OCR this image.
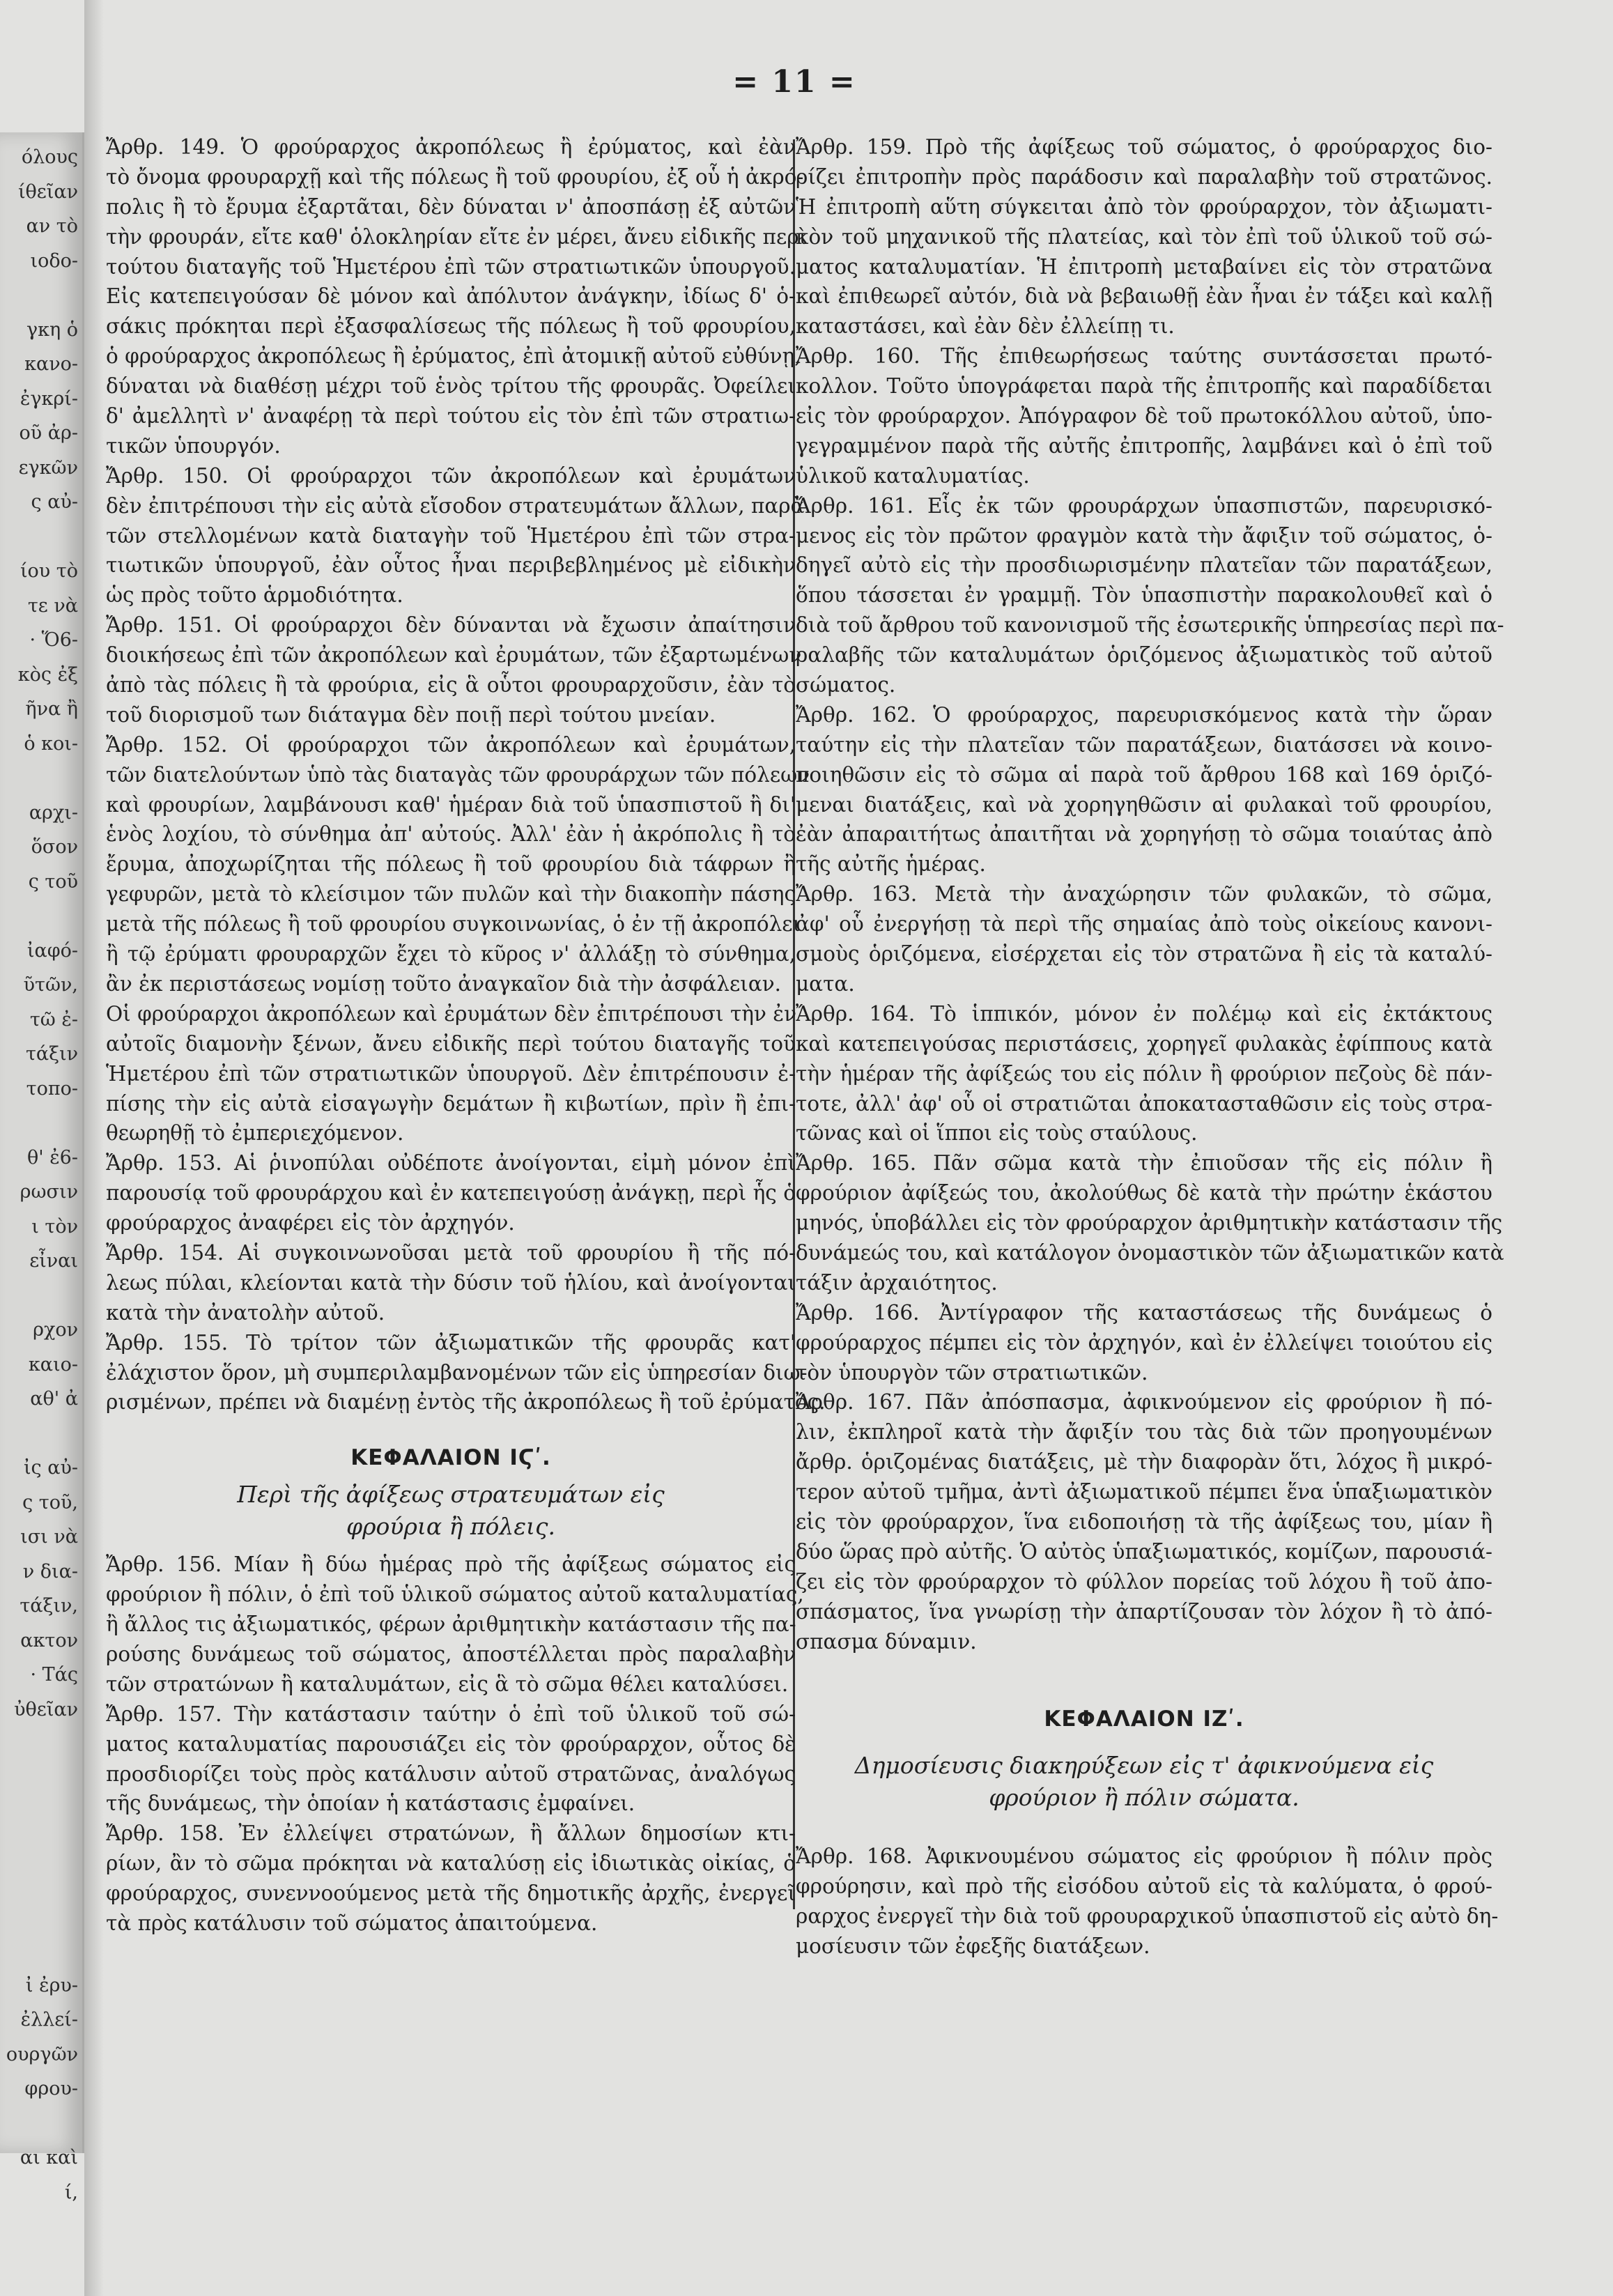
όλους
ίθεῖαν
αν τὸ
ιοδο-
γκη ὁ
κανο-
ἐγκρί-
οῦ ἀρ-
εγκῶν
ς αὐ-
ίου τὸ
τε νὰ
· Ὅ6-
κὸς ἐξ
ῆνα ἢ
ὁ κοι-
αρχι-
ὅσον
ς τοῦ
ἰαφό-
ῦτῶν,
τῶ ἐ-
τάξιν
τοπο-
θ' ἐ6-
ρωσιν
ι τὸν
εἶναι
ρχον
καιο-
αθ' ἀ
ἰς αὐ-
ς τοῦ,
ισι νὰ
ν δια-
τάξιν,
ακτον
· Τάς
ὐθεῖαν
ἰ ἐρυ-
ἐλλεί-
ουργῶν
φρου-
αι καὶ
ί,
= 11 =
Ἄρθρ. 149. Ὁ φρούραρχος ἀκροπόλεως ἢ ἐρύματος, καὶ ἐὰν
τὸ ὄνομα φρουραρχῇ καὶ τῆς πόλεως ἢ τοῦ φρουρίου, ἐξ οὗ ἡ ἀκρό-
πολις ἢ τὸ ἔρυμα ἐξαρτᾶται, δὲν δύναται ν' ἀποσπάσῃ ἐξ αὐτῶν
τὴν φρουράν, εἴτε καθ' ὁλοκληρίαν εἴτε ἐν μέρει, ἄνευ εἰδικῆς περὶ
τούτου διαταγῆς τοῦ Ἡμετέρου ἐπὶ τῶν στρατιωτικῶν ὑπουργοῦ.
Εἰς κατεπειγούσαν δὲ μόνον καὶ ἀπόλυτον ἀνάγκην, ἰδίως δ' ὁ-
σάκις πρόκηται περὶ ἐξασφαλίσεως τῆς πόλεως ἢ τοῦ φρουρίου,
ὁ φρούραρχος ἀκροπόλεως ἢ ἐρύματος, ἐπὶ ἀτομικῇ αὐτοῦ εὐθύνῃ,
δύναται νὰ διαθέσῃ μέχρι τοῦ ἑνὸς τρίτου τῆς φρουρᾶς. Ὀφείλει
δ' ἀμελλητὶ ν' ἀναφέρῃ τὰ περὶ τούτου εἰς τὸν ἐπὶ τῶν στρατιω-
τικῶν ὑπουργόν.
Ἄρθρ. 150. Οἱ φρούραρχοι τῶν ἀκροπόλεων καὶ ἐρυμάτων
δὲν ἐπιτρέπουσι τὴν εἰς αὐτὰ εἴσοδον στρατευμάτων ἄλλων, παρὰ
τῶν στελλομένων κατὰ διαταγὴν τοῦ Ἡμετέρου ἐπὶ τῶν στρα-
τιωτικῶν ὑπουργοῦ, ἐὰν οὗτος ἦναι περιβεβλημένος μὲ εἰδικὴν
ὡς πρὸς τοῦτο ἁρμοδιότητα.
Ἄρθρ. 151. Οἱ φρούραρχοι δὲν δύνανται νὰ ἔχωσιν ἀπαίτησιν
διοικήσεως ἐπὶ τῶν ἀκροπόλεων καὶ ἐρυμάτων, τῶν ἐξαρτωμένων
ἀπὸ τὰς πόλεις ἢ τὰ φρούρια, εἰς ἃ οὗτοι φρουραρχοῦσιν, ἐὰν τὸ
τοῦ διορισμοῦ των διάταγμα δὲν ποιῇ περὶ τούτου μνείαν.
Ἄρθρ. 152. Οἱ φρούραρχοι τῶν ἀκροπόλεων καὶ ἐρυμάτων,
τῶν διατελούντων ὑπὸ τὰς διαταγὰς τῶν φρουράρχων τῶν πόλεων
καὶ φρουρίων, λαμβάνουσι καθ' ἡμέραν διὰ τοῦ ὑπασπιστοῦ ἢ δι'
ἑνὸς λοχίου, τὸ σύνθημα ἀπ' αὐτούς. Ἀλλ' ἐὰν ἡ ἀκρόπολις ἢ τὸ
ἔρυμα, ἀποχωρίζηται τῆς πόλεως ἢ τοῦ φρουρίου διὰ τάφρων ἢ
γεφυρῶν, μετὰ τὸ κλείσιμον τῶν πυλῶν καὶ τὴν διακοπὴν πάσης
μετὰ τῆς πόλεως ἢ τοῦ φρουρίου συγκοινωνίας, ὁ ἐν τῇ ἀκροπόλει
ἢ τῷ ἐρύματι φρουραρχῶν ἔχει τὸ κῦρος ν' ἀλλάξῃ τὸ σύνθημα,
ἂν ἐκ περιστάσεως νομίσῃ τοῦτο ἀναγκαῖον διὰ τὴν ἀσφάλειαν.
Οἱ φρούραρχοι ἀκροπόλεων καὶ ἐρυμάτων δὲν ἐπιτρέπουσι τὴν ἐν
αὐτοῖς διαμονὴν ξένων, ἄνευ εἰδικῆς περὶ τούτου διαταγῆς τοῦ
Ἡμετέρου ἐπὶ τῶν στρατιωτικῶν ὑπουργοῦ. Δὲν ἐπιτρέπουσιν ἐ-
πίσης τὴν εἰς αὐτὰ εἰσαγωγὴν δεμάτων ἢ κιβωτίων, πρὶν ἢ ἐπι-
θεωρηθῇ τὸ ἐμπεριεχόμενον.
Ἄρθρ. 153. Αἱ ῥινοπύλαι οὐδέποτε ἀνοίγονται, εἰμὴ μόνον ἐπὶ
παρουσίᾳ τοῦ φρουράρχου καὶ ἐν κατεπειγούσῃ ἀνάγκῃ, περὶ ἧς ὁ
φρούραρχος ἀναφέρει εἰς τὸν ἀρχηγόν.
Ἄρθρ. 154. Αἱ συγκοινωνοῦσαι μετὰ τοῦ φρουρίου ἢ τῆς πό-
λεως πύλαι, κλείονται κατὰ τὴν δύσιν τοῦ ἡλίου, καὶ ἀνοίγονται
κατὰ τὴν ἀνατολὴν αὐτοῦ.
Ἄρθρ. 155. Τὸ τρίτον τῶν ἀξιωματικῶν τῆς φρουρᾶς κατ'
ἐλάχιστον ὅρον, μὴ συμπεριλαμβανομένων τῶν εἰς ὑπηρεσίαν διω-
ρισμένων, πρέπει νὰ διαμένῃ ἐντὸς τῆς ἀκροπόλεως ἢ τοῦ ἐρύματος.
ΚΕΦΑΛΑΙΟΝ ΙϚʹ.
Περὶ τῆς ἀφίξεως στρατευμάτων εἰς
φρούρια ἢ πόλεις.
Ἄρθρ. 156. Μίαν ἢ δύω ἡμέρας πρὸ τῆς ἀφίξεως σώματος εἰς
φρούριον ἢ πόλιν, ὁ ἐπὶ τοῦ ὑλικοῦ σώματος αὐτοῦ καταλυματίας,
ἢ ἄλλος τις ἀξιωματικός, φέρων ἀριθμητικὴν κατάστασιν τῆς πα-
ρούσης δυνάμεως τοῦ σώματος, ἀποστέλλεται πρὸς παραλαβὴν
τῶν στρατώνων ἢ καταλυμάτων, εἰς ἃ τὸ σῶμα θέλει καταλύσει.
Ἄρθρ. 157. Τὴν κατάστασιν ταύτην ὁ ἐπὶ τοῦ ὑλικοῦ τοῦ σώ-
ματος καταλυματίας παρουσιάζει εἰς τὸν φρούραρχον, οὗτος δὲ
προσδιορίζει τοὺς πρὸς κατάλυσιν αὐτοῦ στρατῶνας, ἀναλόγως
τῆς δυνάμεως, τὴν ὁποίαν ἡ κατάστασις ἐμφαίνει.
Ἄρθρ. 158. Ἐν ἐλλείψει στρατώνων, ἢ ἄλλων δημοσίων κτι-
ρίων, ἂν τὸ σῶμα πρόκηται νὰ καταλύσῃ εἰς ἰδιωτικὰς οἰκίας, ὁ
φρούραρχος, συνεννοούμενος μετὰ τῆς δημοτικῆς ἀρχῆς, ἐνεργεῖ
τὰ πρὸς κατάλυσιν τοῦ σώματος ἀπαιτούμενα.
Ἄρθρ. 159. Πρὸ τῆς ἀφίξεως τοῦ σώματος, ὁ φρούραρχος διο-
ρίζει ἐπιτροπὴν πρὸς παράδοσιν καὶ παραλαβὴν τοῦ στρατῶνος.
Ἡ ἐπιτροπὴ αὕτη σύγκειται ἀπὸ τὸν φρούραρχον, τὸν ἀξιωματι-
κὸν τοῦ μηχανικοῦ τῆς πλατείας, καὶ τὸν ἐπὶ τοῦ ὑλικοῦ τοῦ σώ-
ματος καταλυματίαν. Ἡ ἐπιτροπὴ μεταβαίνει εἰς τὸν στρατῶνα
καὶ ἐπιθεωρεῖ αὐτόν, διὰ νὰ βεβαιωθῇ ἐὰν ἦναι ἐν τάξει καὶ καλῇ
καταστάσει, καὶ ἐὰν δὲν ἐλλείπῃ τι.
Ἄρθρ. 160. Τῆς ἐπιθεωρήσεως ταύτης συντάσσεται πρωτό-
κολλον. Τοῦτο ὑπογράφεται παρὰ τῆς ἐπιτροπῆς καὶ παραδίδεται
εἰς τὸν φρούραρχον. Ἀπόγραφον δὲ τοῦ πρωτοκόλλου αὐτοῦ, ὑπο-
γεγραμμένον παρὰ τῆς αὐτῆς ἐπιτροπῆς, λαμβάνει καὶ ὁ ἐπὶ τοῦ
ὑλικοῦ καταλυματίας.
Ἄρθρ. 161. Εἷς ἐκ τῶν φρουράρχων ὑπασπιστῶν, παρευρισκό-
μενος εἰς τὸν πρῶτον φραγμὸν κατὰ τὴν ἄφιξιν τοῦ σώματος, ὁ-
δηγεῖ αὐτὸ εἰς τὴν προσδιωρισμένην πλατεῖαν τῶν παρατάξεων,
ὅπου τάσσεται ἐν γραμμῇ. Τὸν ὑπασπιστὴν παρακολουθεῖ καὶ ὁ
διὰ τοῦ ἄρθρου τοῦ κανονισμοῦ τῆς ἐσωτερικῆς ὑπηρεσίας περὶ πα-
ραλαβῆς τῶν καταλυμάτων ὁριζόμενος ἀξιωματικὸς τοῦ αὐτοῦ
σώματος.
Ἄρθρ. 162. Ὁ φρούραρχος, παρευρισκόμενος κατὰ τὴν ὥραν
ταύτην εἰς τὴν πλατεῖαν τῶν παρατάξεων, διατάσσει νὰ κοινο-
ποιηθῶσιν εἰς τὸ σῶμα αἱ παρὰ τοῦ ἄρθρου 168 καὶ 169 ὁριζό-
μεναι διατάξεις, καὶ νὰ χορηγηθῶσιν αἱ φυλακαὶ τοῦ φρουρίου,
ἐὰν ἀπαραιτήτως ἀπαιτῆται νὰ χορηγήσῃ τὸ σῶμα τοιαύτας ἀπὸ
τῆς αὐτῆς ἡμέρας.
Ἄρθρ. 163. Μετὰ τὴν ἀναχώρησιν τῶν φυλακῶν, τὸ σῶμα,
ἀφ' οὗ ἐνεργήσῃ τὰ περὶ τῆς σημαίας ἀπὸ τοὺς οἰκείους κανονι-
σμοὺς ὁριζόμενα, εἰσέρχεται εἰς τὸν στρατῶνα ἢ εἰς τὰ καταλύ-
ματα.
Ἄρθρ. 164. Τὸ ἱππικόν, μόνον ἐν πολέμῳ καὶ εἰς ἐκτάκτους
καὶ κατεπειγούσας περιστάσεις, χορηγεῖ φυλακὰς ἐφίππους κατὰ
τὴν ἡμέραν τῆς ἀφίξεώς του εἰς πόλιν ἢ φρούριον πεζοὺς δὲ πάν-
τοτε, ἀλλ' ἀφ' οὗ οἱ στρατιῶται ἀποκατασταθῶσιν εἰς τοὺς στρα-
τῶνας καὶ οἱ ἵπποι εἰς τοὺς σταύλους.
Ἄρθρ. 165. Πᾶν σῶμα κατὰ τὴν ἐπιοῦσαν τῆς εἰς πόλιν ἢ
φρούριον ἀφίξεώς του, ἀκολούθως δὲ κατὰ τὴν πρώτην ἑκάστου
μηνός, ὑποβάλλει εἰς τὸν φρούραρχον ἀριθμητικὴν κατάστασιν τῆς
δυνάμεώς του, καὶ κατάλογον ὀνομαστικὸν τῶν ἀξιωματικῶν κατὰ
τάξιν ἀρχαιότητος.
Ἄρθρ. 166. Ἀντίγραφον τῆς καταστάσεως τῆς δυνάμεως ὁ
φρούραρχος πέμπει εἰς τὸν ἀρχηγόν, καὶ ἐν ἐλλείψει τοιούτου εἰς
τὸν ὑπουργὸν τῶν στρατιωτικῶν.
Ἄρθρ. 167. Πᾶν ἀπόσπασμα, ἀφικνούμενον εἰς φρούριον ἢ πό-
λιν, ἐκπληροῖ κατὰ τὴν ἄφιξίν του τὰς διὰ τῶν προηγουμένων
ἄρθρ. ὁριζομένας διατάξεις, μὲ τὴν διαφορὰν ὅτι, λόχος ἢ μικρό-
τερον αὐτοῦ τμῆμα, ἀντὶ ἀξιωματικοῦ πέμπει ἕνα ὑπαξιωματικὸν
εἰς τὸν φρούραρχον, ἵνα ειδοποιήσῃ τὰ τῆς ἀφίξεως του, μίαν ἢ
δύο ὥρας πρὸ αὐτῆς. Ὁ αὐτὸς ὑπαξιωματικός, κομίζων, παρουσιά-
ζει εἰς τὸν φρούραρχον τὸ φύλλον πορείας τοῦ λόχου ἢ τοῦ ἀπο-
σπάσματος, ἵνα γνωρίσῃ τὴν ἀπαρτίζουσαν τὸν λόχον ἢ τὸ ἀπό-
σπασμα δύναμιν.
ΚΕΦΑΛΑΙΟΝ ΙΖʹ.
Δημοσίευσις διακηρύξεων εἰς τ' ἀφικνούμενα εἰς
φρούριον ἢ πόλιν σώματα.
Ἄρθρ. 168. Ἀφικνουμένου σώματος εἰς φρούριον ἢ πόλιν πρὸς
φρούρησιν, καὶ πρὸ τῆς εἰσόδου αὐτοῦ εἰς τὰ καλύματα, ὁ φρού-
ραρχος ἐνεργεῖ τὴν διὰ τοῦ φρουραρχικοῦ ὑπασπιστοῦ εἰς αὐτὸ δη-
μοσίευσιν τῶν ἐφεξῆς διατάξεων.
